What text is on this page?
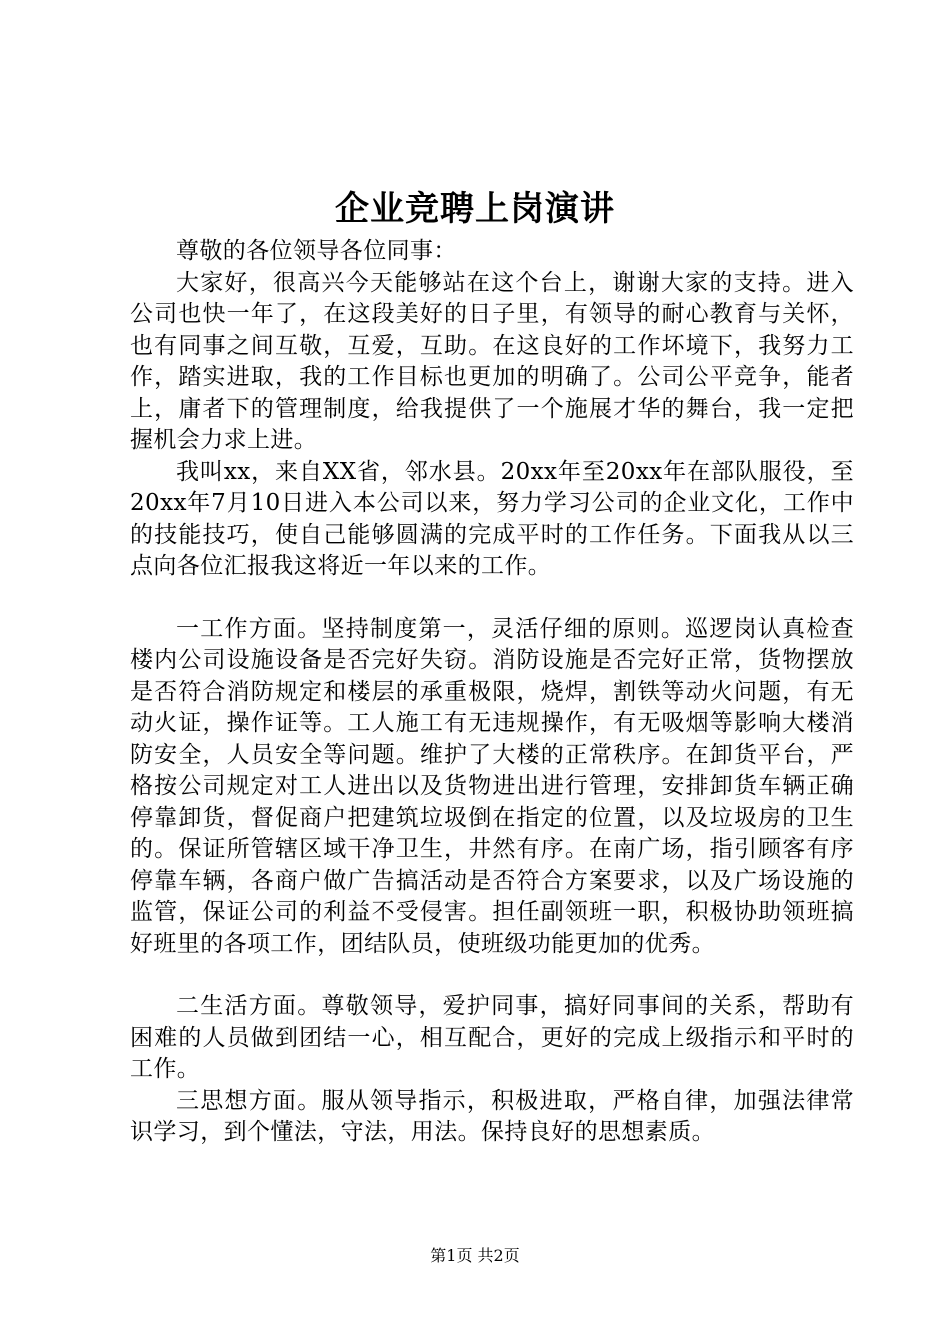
企业竞聘上岗演讲

尊敬的各位领导各位同事：

大家好，很高兴今天能够站在这个台上，谢谢大家的支持。进入公司也快一年了，在这段美好的日子里，有领导的耐心教育与关怀，也有同事之间互敬，互爱，互助。在这良好的工作坏境下，我努力工作，踏实进取，我的工作目标也更加的明确了。公司公平竞争，能者上，庸者下的管理制度，给我提供了一个施展才华的舞台，我一定把握机会力求上进。

我叫xx，来自XX省，邻水县。20xx年至20xx年在部队服役，至20xx年7月10日进入本公司以来，努力学习公司的企业文化，工作中的技能技巧，使自己能够圆满的完成平时的工作任务。下面我从以三点向各位汇报我这将近一年以来的工作。

一工作方面。坚持制度第一，灵活仔细的原则。巡逻岗认真检查楼内公司设施设备是否完好失窃。消防设施是否完好正常，货物摆放是否符合消防规定和楼层的承重极限，烧焊，割铁等动火问题，有无动火证，操作证等。工人施工有无违规操作，有无吸烟等影响大楼消防安全，人员安全等问题。维护了大楼的正常秩序。在卸货平台，严格按公司规定对工人进出以及货物进出进行管理，安排卸货车辆正确停靠卸货，督促商户把建筑垃圾倒在指定的位置，以及垃圾房的卫生的。保证所管辖区域干净卫生，井然有序。在南广场，指引顾客有序停靠车辆，各商户做广告搞活动是否符合方案要求，以及广场设施的监管，保证公司的利益不受侵害。担任副领班一职，积极协助领班搞好班里的各项工作，团结队员，使班级功能更加的优秀。

二生活方面。尊敬领导，爱护同事，搞好同事间的关系，帮助有困难的人员做到团结一心，相互配合，更好的完成上级指示和平时的工作。

三思想方面。服从领导指示，积极进取，严格自律，加强法律常识学习，到个懂法，守法，用法。保持良好的思想素质。

第1页 共2页
